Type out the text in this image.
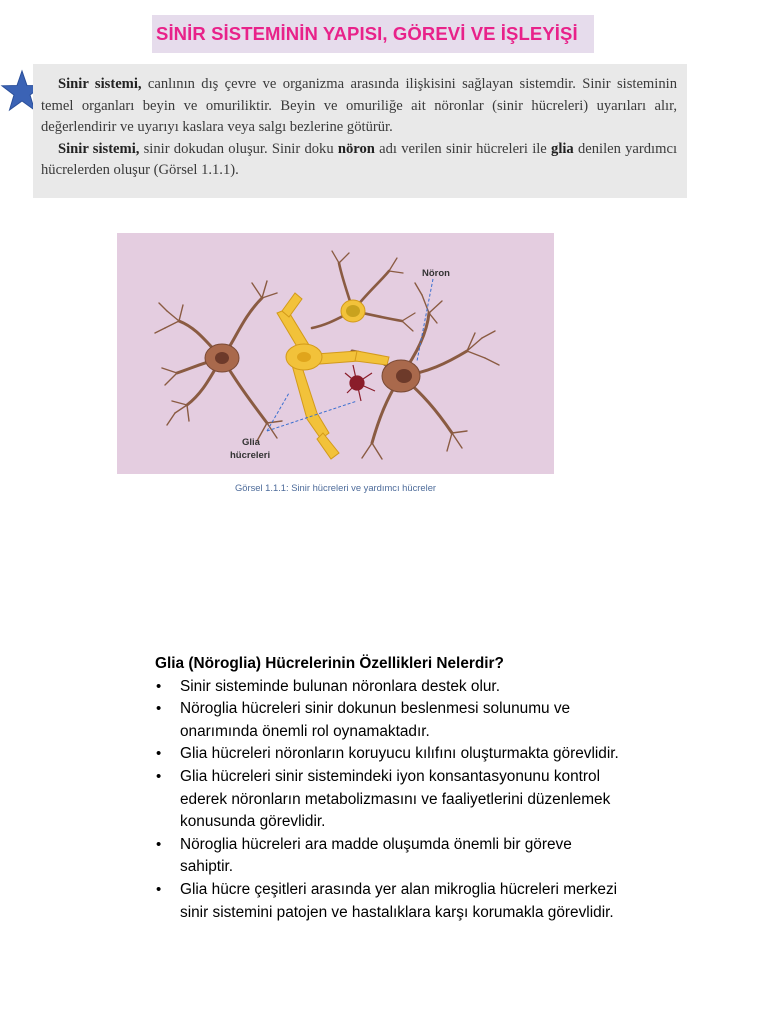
SİNİR SİSTEMİNİN YAPISI, GÖREVİ VE İŞLEYİŞİ

Sinir sistemi, canlının dış çevre ve organizma arasında ilişkisini sağlayan sistemdir. Sinir sisteminin temel organları beyin ve omuriliktir. Beyin ve omuriliğe ait nöronlar (sinir hücreleri) uyarıları alır, değerlendirir ve uyarıyı kaslara veya salgı bezlerine götürür.

Sinir sistemi, sinir dokudan oluşur. Sinir doku nöron adı verilen sinir hücreleri ile glia denilen yardımcı hücrelerden oluşur (Görsel 1.1.1).

Nöron
Glia
hücreleri
Görsel 1.1.1: Sinir hücreleri ve yardımcı hücreler

Glia (Nöroglia) Hücrelerinin Özellikleri Nelerdir?

• Sinir sisteminde bulunan nöronlara destek olur.
• Nöroglia hücreleri sinir dokunun beslenmesi solunumu ve onarımında önemli rol oynamaktadır.
• Glia hücreleri nöronların koruyucu kılıfını oluşturmakta görevlidir.
• Glia hücreleri sinir sistemindeki iyon konsantasyonunu kontrol ederek nöronların metabolizmasını ve faaliyetlerini düzenlemek konusunda görevlidir.
• Nöroglia hücreleri ara madde oluşumda önemli bir göreve sahiptir.
• Glia hücre çeşitleri arasında yer alan mikroglia hücreleri merkezi sinir sistemini patojen ve hastalıklara karşı korumakla görevlidir.
